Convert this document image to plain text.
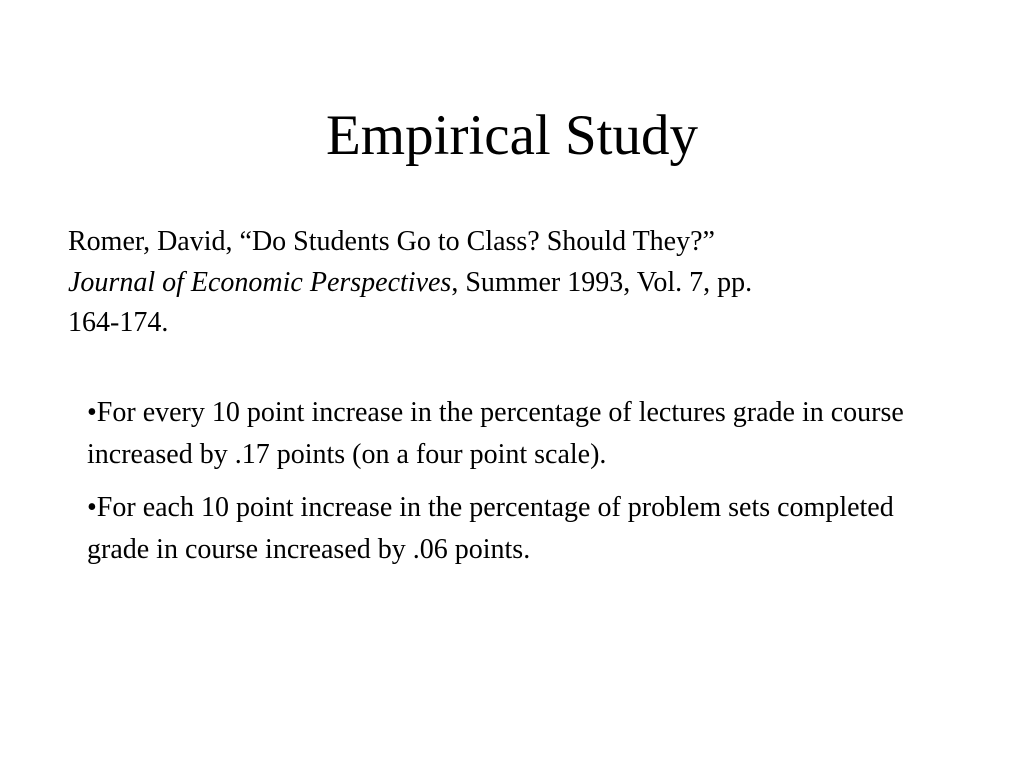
Empirical Study

Romer, David, “Do Students Go to Class? Should They?”
Journal of Economic Perspectives, Summer 1993, Vol. 7, pp.
164-174.

•For every 10 point increase in the percentage of lectures grade in course increased by .17 points (on a four point scale).
•For each 10 point increase in the percentage of problem sets completed grade in course increased by .06 points.
